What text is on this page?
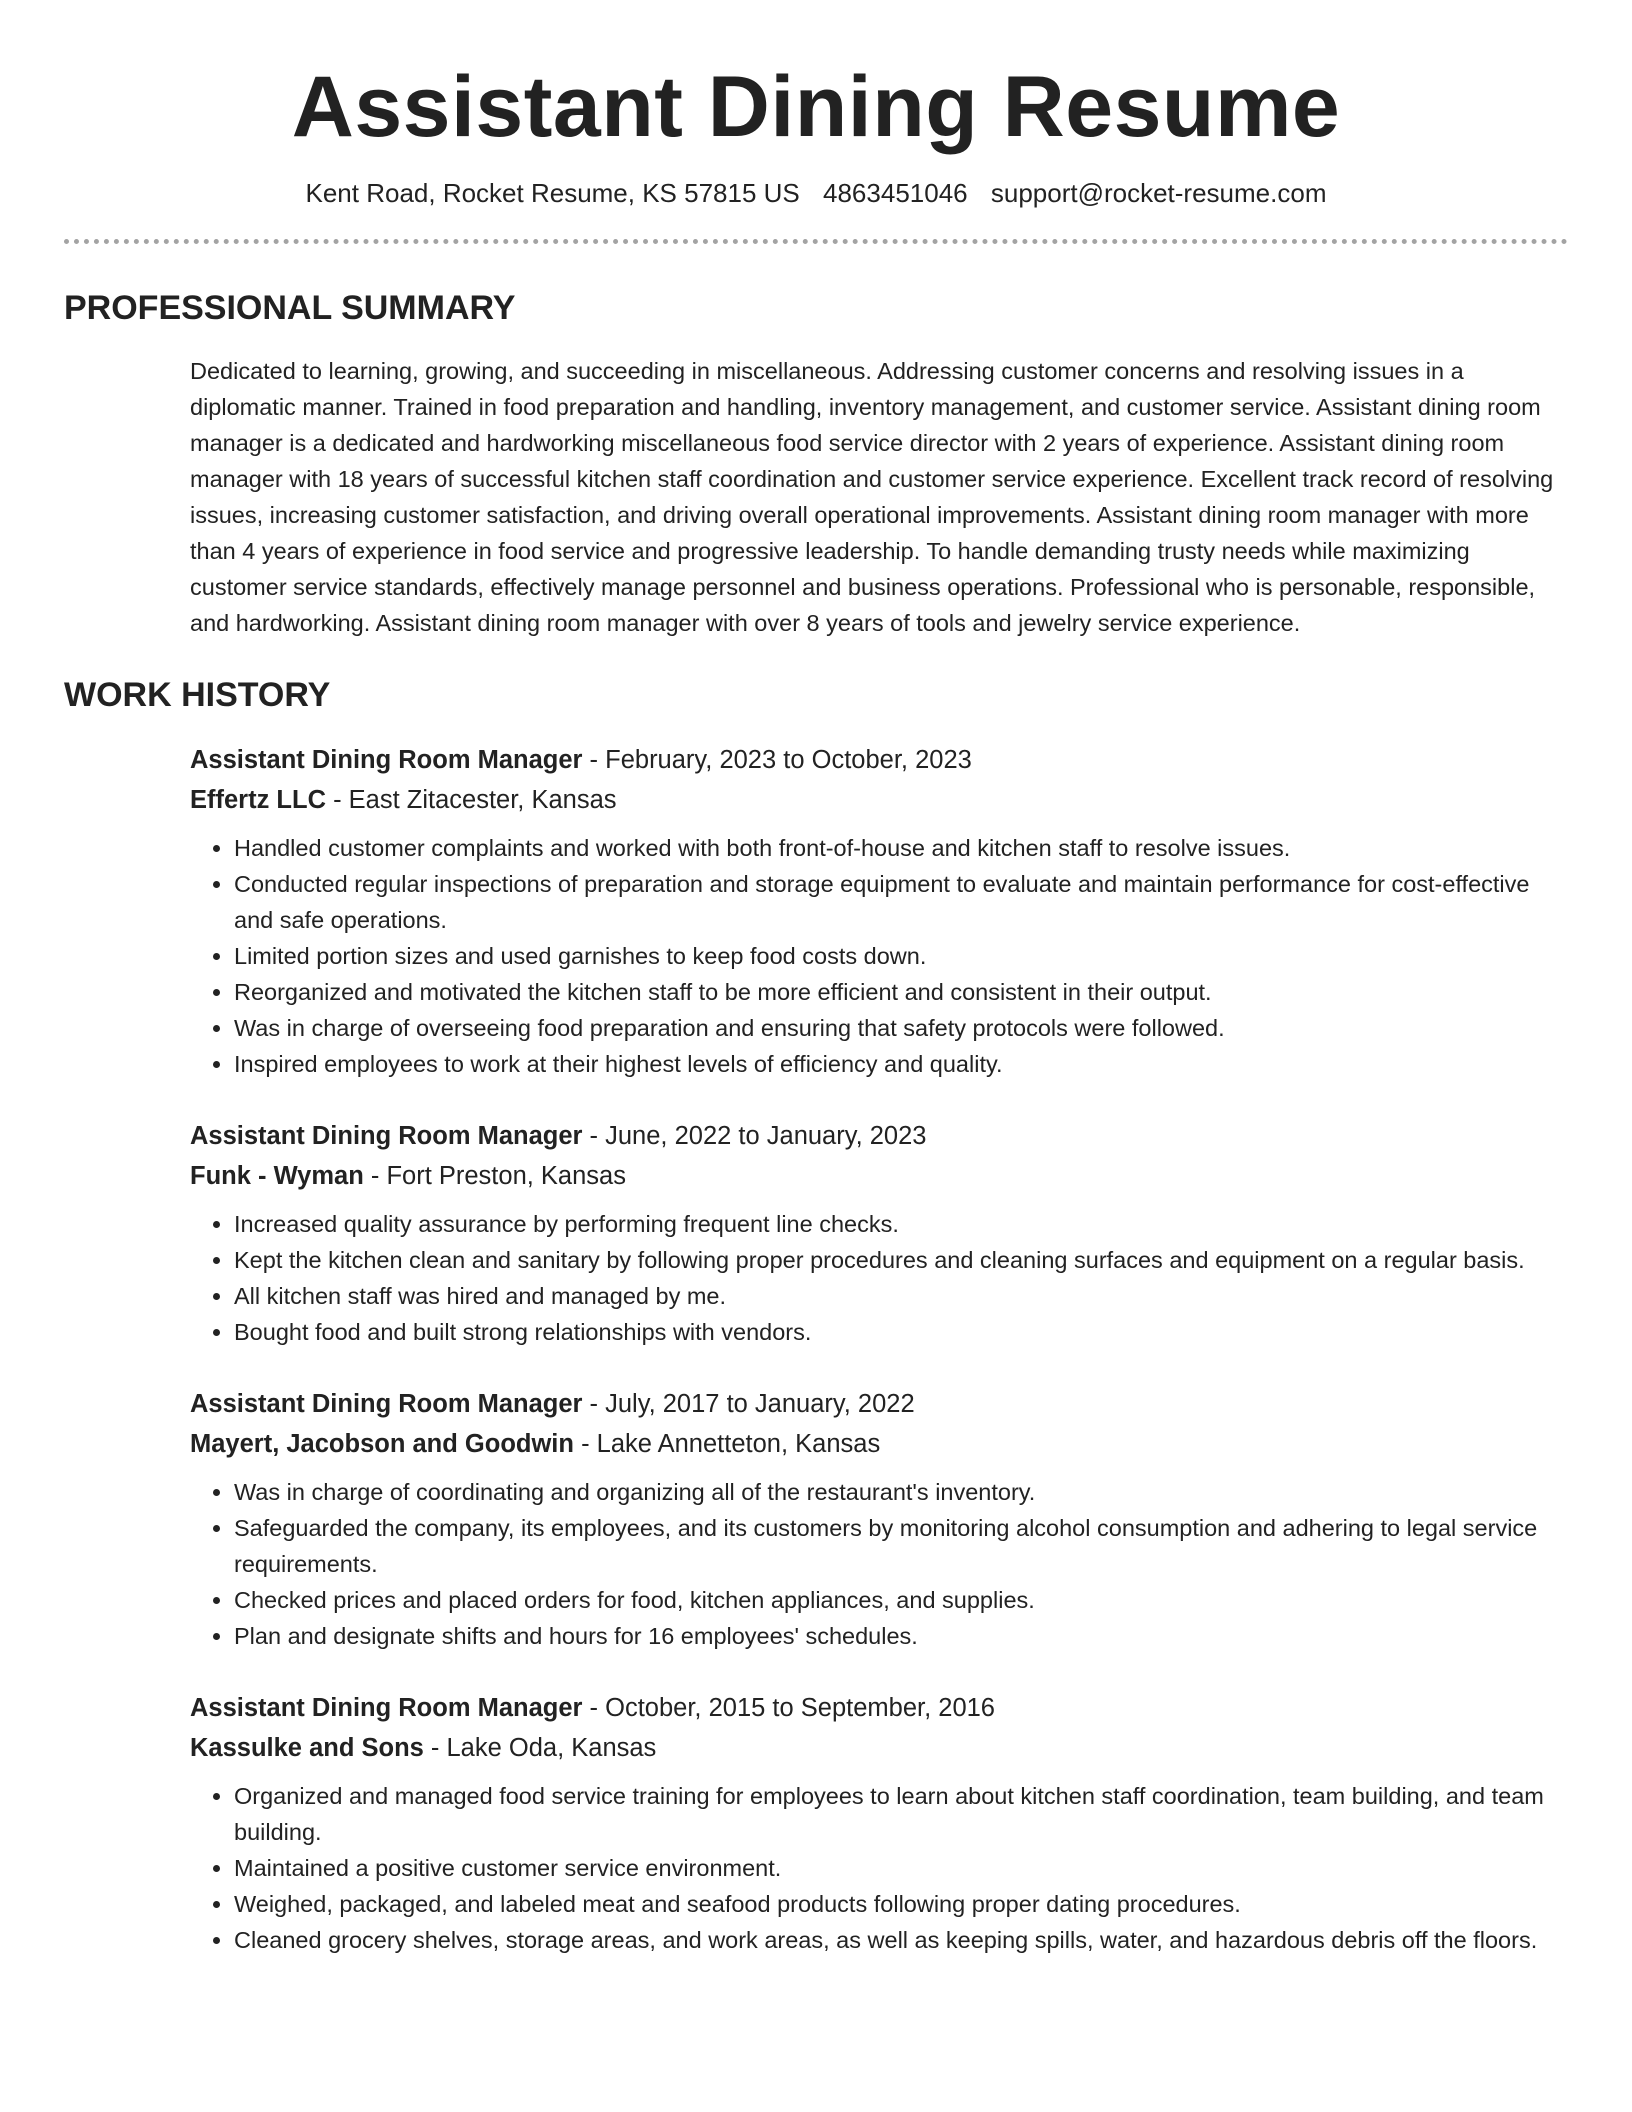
Assistant Dining Resume
Kent Road, Rocket Resume, KS 57815 US 4863451046 support@rocket-resume.com
PROFESSIONAL SUMMARY

Dedicated to learning, growing, and succeeding in miscellaneous. Addressing customer concerns and resolving issues in a diplomatic manner. Trained in food preparation and handling, inventory management, and customer service. Assistant dining room manager is a dedicated and hardworking miscellaneous food service director with 2 years of experience. Assistant dining room manager with 18 years of successful kitchen staff coordination and customer service experience. Excellent track record of resolving issues, increasing customer satisfaction, and driving overall operational improvements. Assistant dining room manager with more than 4 years of experience in food service and progressive leadership. To handle demanding trusty needs while maximizing customer service standards, effectively manage personnel and business operations. Professional who is personable, responsible, and hardworking. Assistant dining room manager with over 8 years of tools and jewelry service experience.

WORK HISTORY
Assistant Dining Room Manager - February, 2023 to October, 2023
Effertz LLC - East Zitacester, Kansas
• Handled customer complaints and worked with both front-of-house and kitchen staff to resolve issues.
• Conducted regular inspections of preparation and storage equipment to evaluate and maintain performance for cost-effective and safe operations.
• Limited portion sizes and used garnishes to keep food costs down.
• Reorganized and motivated the kitchen staff to be more efficient and consistent in their output.
• Was in charge of overseeing food preparation and ensuring that safety protocols were followed.
• Inspired employees to work at their highest levels of efficiency and quality.
Assistant Dining Room Manager - June, 2022 to January, 2023
Funk - Wyman - Fort Preston, Kansas
• Increased quality assurance by performing frequent line checks.
• Kept the kitchen clean and sanitary by following proper procedures and cleaning surfaces and equipment on a regular basis.
• All kitchen staff was hired and managed by me.
• Bought food and built strong relationships with vendors.
Assistant Dining Room Manager - July, 2017 to January, 2022
Mayert, Jacobson and Goodwin - Lake Annetteton, Kansas
• Was in charge of coordinating and organizing all of the restaurant's inventory.
• Safeguarded the company, its employees, and its customers by monitoring alcohol consumption and adhering to legal service requirements.
• Checked prices and placed orders for food, kitchen appliances, and supplies.
• Plan and designate shifts and hours for 16 employees' schedules.
Assistant Dining Room Manager - October, 2015 to September, 2016
Kassulke and Sons - Lake Oda, Kansas
• Organized and managed food service training for employees to learn about kitchen staff coordination, team building, and team building.
• Maintained a positive customer service environment.
• Weighed, packaged, and labeled meat and seafood products following proper dating procedures.
• Cleaned grocery shelves, storage areas, and work areas, as well as keeping spills, water, and hazardous debris off the floors.
